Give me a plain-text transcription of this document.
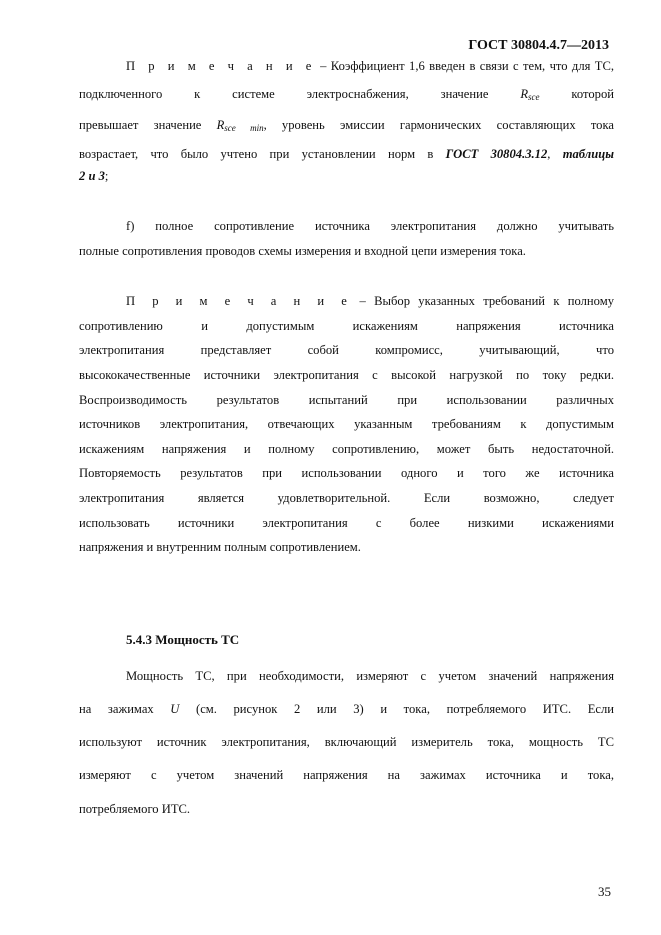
ГОСТ 30804.4.7—2013
П р и м е ч а н и е – Коэффициент 1,6 введен в связи с тем, что для ТС,
подключенного к системе электроснабжения, значение Rsce которой
превышает значение Rsce min, уровень эмиссии гармонических составляющих тока
возрастает, что было учтено при установлении норм в ГОСТ 30804.3.12, таблицы
2 и 3;
f) полное сопротивление источника электропитания должно учитывать
полные сопротивления проводов схемы измерения и входной цепи измерения тока.
П р и м е ч а н и е – Выбор указанных требований к полному
сопротивлению и допустимым искажениям напряжения источника
электропитания представляет собой компромисс, учитывающий, что
высококачественные источники электропитания с высокой нагрузкой по току редки.
Воспроизводимость результатов испытаний при использовании различных
источников электропитания, отвечающих указанным требованиям к допустимым
искажениям напряжения и полному сопротивлению, может быть недостаточной.
Повторяемость результатов при использовании одного и того же источника
электропитания является удовлетворительной. Если возможно, следует
использовать источники электропитания с более низкими искажениями
напряжения и внутренним полным сопротивлением.
5.4.3 Мощность ТС
Мощность ТС, при необходимости, измеряют с учетом значений напряжения
на зажимах U (см. рисунок 2 или 3) и тока, потребляемого ИТС. Если
используют источник электропитания, включающий измеритель тока, мощность ТС
измеряют с учетом значений напряжения на зажимах источника и тока,
потребляемого ИТС.
35
